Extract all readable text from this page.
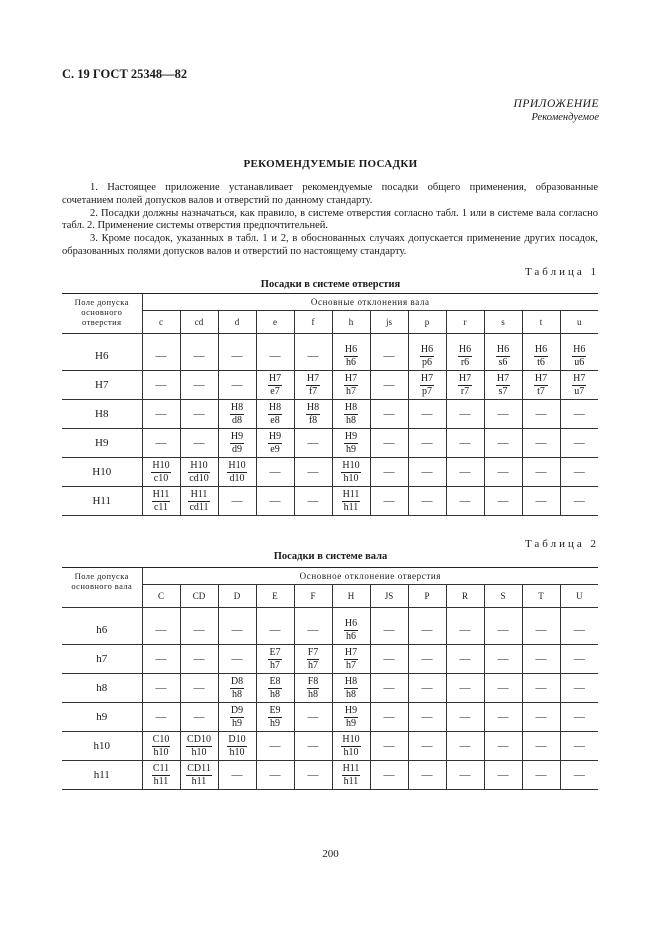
С. 19 ГОСТ 25348—82
ПРИЛОЖЕНИЕ
Рекомендуемое
РЕКОМЕНДУЕМЫЕ ПОСАДКИ

1. Настоящее приложение устанавливает рекомендуемые посадки общего применения, образованные сочетанием полей допусков валов и отверстий по данному стандарту.

2. Посадки должны назначаться, как правило, в системе отверстия согласно табл. 1 или в системе вала согласно табл. 2. Применение системы отверстия предпочтительней.

3. Кроме посадок, указанных в табл. 1 и 2, в обоснованных случаях допускается применение других посадок, образованных полями допусков валов и отверстий по настоящему стандарту.

Таблица 1
Посадки в системе отверстия
Поле допуска основного отверстия	Основные отклонения вала											
	c	cd	d	e	f	h	js	p	r	s	t	u

H6	—	—	—	—	—	$\frac{H6}{h6}$	—	$\frac{H6}{p6}$	$\frac{H6}{r6}$	$\frac{H6}{s6}$	$\frac{H6}{t6}$	$\frac{H6}{u6}$

H7	—	—	—	$\frac{H7}{e7}$	$\frac{H7}{f7}$	$\frac{H7}{h7}$	—	$\frac{H7}{p7}$	$\frac{H7}{r7}$	$\frac{H7}{s7}$	$\frac{H7}{t7}$	$\frac{H7}{u7}$

H8	—	—	$\frac{H8}{d8}$	$\frac{H8}{e8}$	$\frac{H8}{f8}$	$\frac{H8}{h8}$	—	—	—	—	—	—
H9	—	—	$\frac{H9}{d9}$	$\frac{H9}{e9}$	—	$\frac{H9}{h9}$	—	—	—	—	—	—
H10	$\frac{H10}{c10}$	$\frac{H10}{cd10}$	$\frac{H10}{d10}$	—	—	$\frac{H10}{h10}$	—	—	—	—	—	—
H11	$\frac{H11}{c11}$	$\frac{H11}{cd11}$	—	—	—	$\frac{H11}{h11}$	—	—	—	—	—	—
Таблица 2
Посадки в системе вала
Поле допуска основного вала	Основное отклонение отверстия											
	C	CD	D	E	F	H	JS	P	R	S	T	U

h6	—	—	—	—	—	$\frac{H6}{h6}$	—	—	—	—	—	—
h7	—	—	—	$\frac{E7}{h7}$	$\frac{F7}{h7}$	$\frac{H7}{h7}$	—	—	—	—	—	—
h8	—	—	$\frac{D8}{h8}$	$\frac{E8}{h8}$	$\frac{F8}{h8}$	$\frac{H8}{h8}$	—	—	—	—	—	—
h9	—	—	$\frac{D9}{h9}$	$\frac{E9}{h9}$	—	$\frac{H9}{h9}$	—	—	—	—	—	—
h10	$\frac{C10}{h10}$	$\frac{CD10}{h10}$	$\frac{D10}{h10}$	—	—	$\frac{H10}{h10}$	—	—	—	—	—	—
h11	$\frac{C11}{h11}$	$\frac{CD11}{h11}$	—	—	—	$\frac{H11}{h11}$	—	—	—	—	—	—
200
